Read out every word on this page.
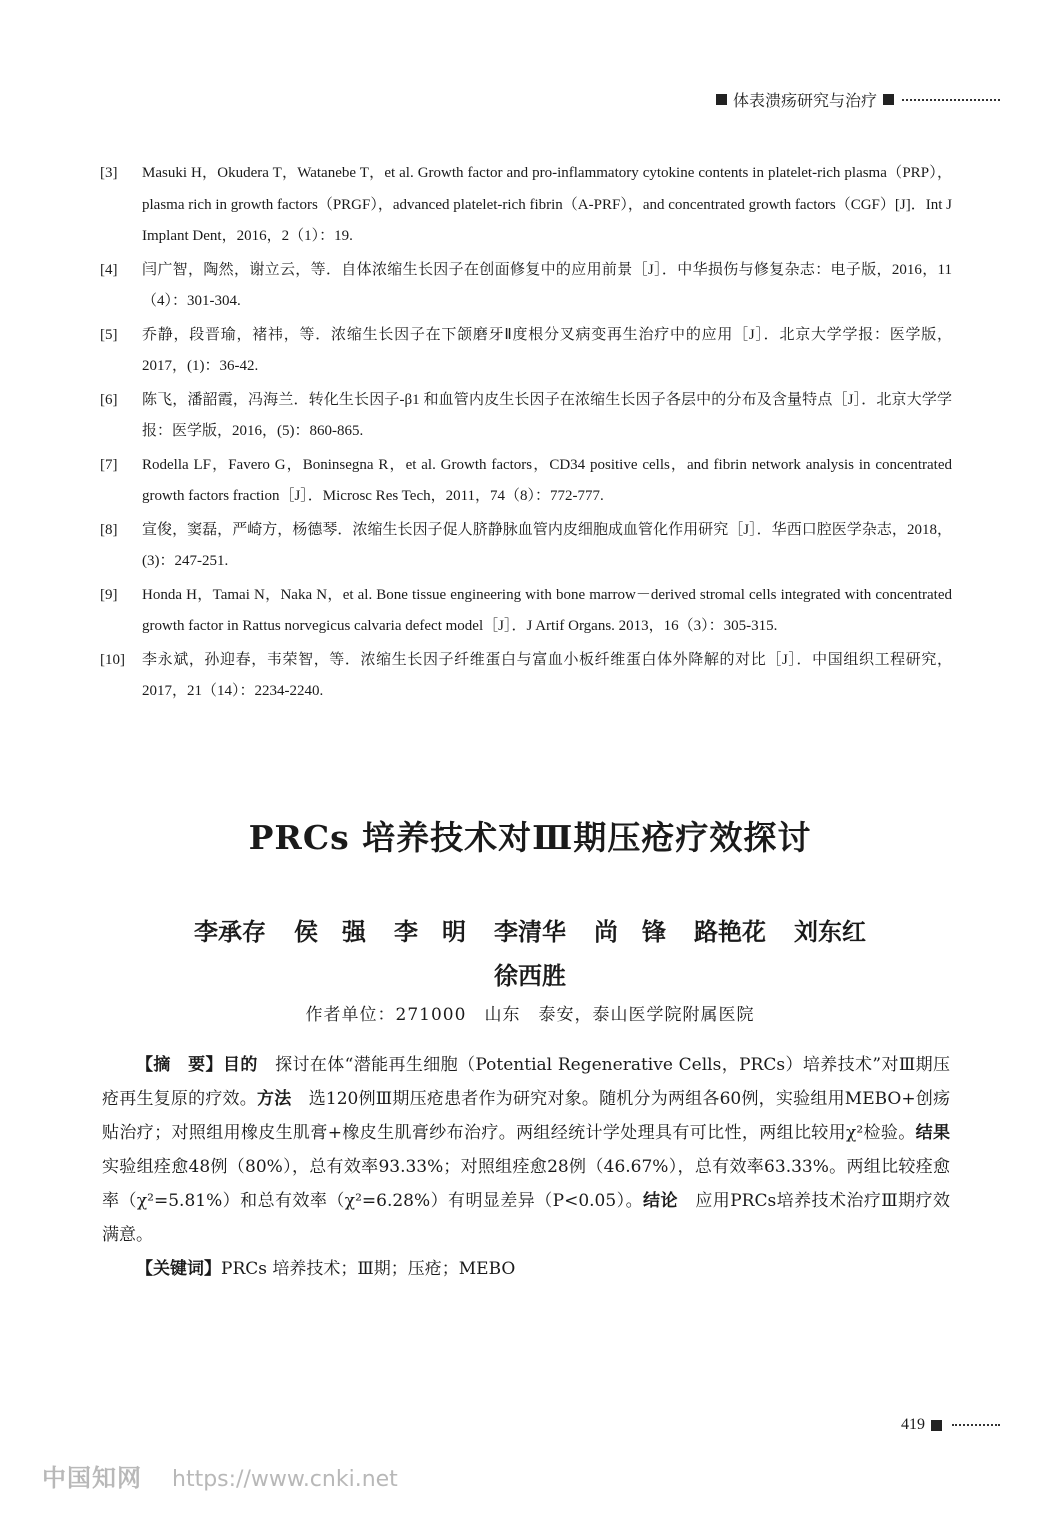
体表溃疡研究与治疗
[3]	Masuki H，Okudera T，Watanebe T，et al. Growth factor and pro-inflammatory cytokine contents in platelet-rich plasma（PRP），plasma rich in growth factors（PRGF），advanced platelet-rich fibrin（A-PRF），and concentrated growth factors（CGF）[J]．Int J Implant Dent，2016，2（1）：19.
[4]	闫广智，陶然，谢立云，等．自体浓缩生长因子在创面修复中的应用前景［J］．中华损伤与修复杂志：电子版，2016，11（4）：301-304.
[5]	乔静，段晋瑜，褚祎，等．浓缩生长因子在下颌磨牙Ⅱ度根分叉病变再生治疗中的应用［J］．北京大学学报：医学版，2017，(1)：36-42.
[6]	陈飞，潘韶霞，冯海兰．转化生长因子-β1 和血管内皮生长因子在浓缩生长因子各层中的分布及含量特点［J］．北京大学学报：医学版，2016，(5)：860-865.
[7]	Rodella LF，Favero G，Boninsegna R，et al. Growth factors，CD34 positive cells，and fibrin network analysis in concentrated growth factors fraction［J］．Microsc Res Tech，2011，74（8）：772-777.
[8]	宣俊，窦磊，严崎方，杨德琴．浓缩生长因子促人脐静脉血管内皮细胞成血管化作用研究［J］．华西口腔医学杂志，2018，(3)：247-251.
[9]	Honda H，Tamai N，Naka N，et al. Bone tissue engineering with bone marrow－derived stromal cells integrated with concentrated growth factor in Rattus norvegicus calvaria defect model［J］．J Artif Organs. 2013，16（3）：305-315.
[10]	李永斌，孙迎春，韦荣智，等．浓缩生长因子纤维蛋白与富血小板纤维蛋白体外降解的对比［J］．中国组织工程研究，2017，21（14）：2234-2240.
PRCs 培养技术对Ⅲ期压疮疗效探讨
李承存 侯　强 李　明 李清华 尚　锋 路艳花 刘东红
徐西胜
作者单位：271000　山东　泰安，泰山医学院附属医院

【摘　要】目的　 探讨在体“潜能再生细胞（Potential Regenerative Cells，PRCs）培养技术”对Ⅲ期压疮再生复原的疗效。方法　 选120例Ⅲ期压疮患者作为研究对象。随机分为两组各60例，实验组用MEBO+创疡贴治疗；对照组用橡皮生肌膏+橡皮生肌膏纱布治疗。两组经统计学处理具有可比性，两组比较用χ²检验。结果　实验组痊愈48例（80%），总有效率93.33%；对照组痊愈28例（46.67%），总有效率63.33%。两组比较痊愈率（χ²=5.81%）和总有效率（χ²=6.28%）有明显差异（P<0.05）。结论　 应用PRCs培养技术治疗Ⅲ期疗效满意。

【关键词】PRCs 培养技术；Ⅲ期；压疮；MEBO

419
中国知网 https://www.cnki.net
